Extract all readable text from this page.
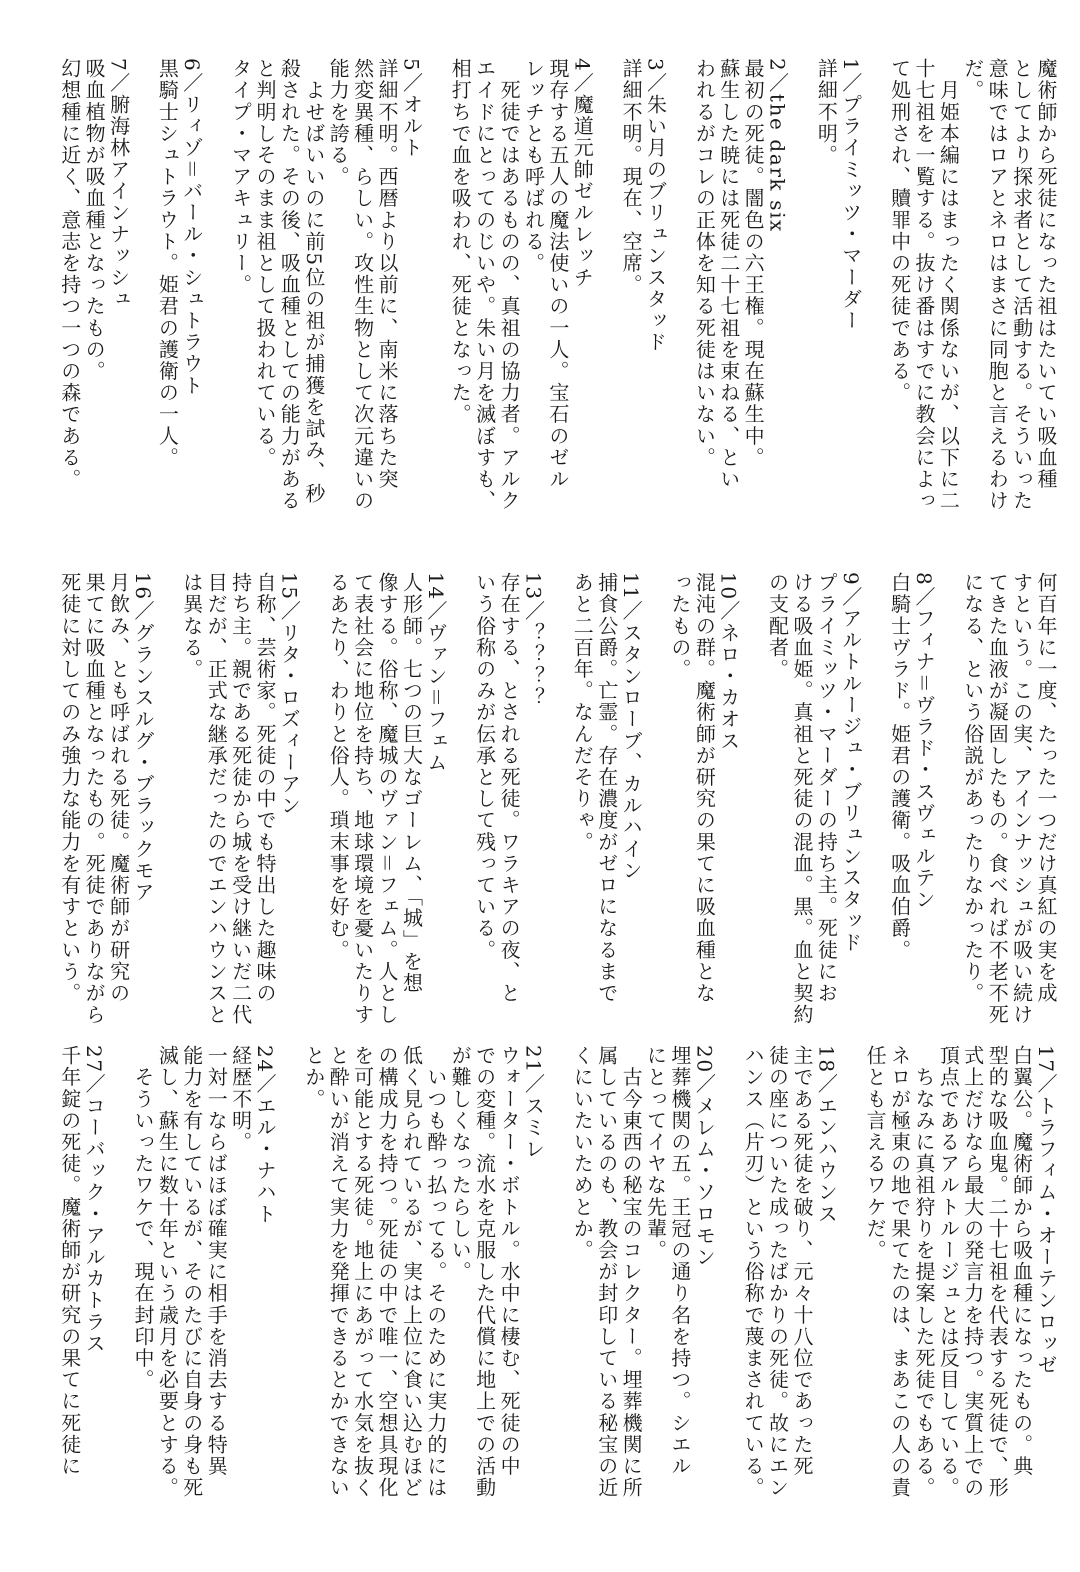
魔術師から死徒になった祖はたいてい吸血種
としてより探求者として活動する。そういった
意味ではロアとネロはまさに同胞と言えるわけ
だ。
　月姫本編にはまったく関係ないが、以下に二
十七祖を一覧する。抜け番はすでに教会によっ
て処刑され、贖罪中の死徒である。
1／プライミッツ・マーダー
詳細不明。
2／the dark six
最初の死徒。闇色の六王権。現在蘇生中。
蘇生した暁には死徒二十七祖を束ねる、とい
われるがコレの正体を知る死徒はいない。
3／朱い月のブリュンスタッド
詳細不明。現在、空席。
4／魔道元帥ゼルレッチ
現存する五人の魔法使いの一人。宝石のゼル
レッチとも呼ばれる。
　死徒ではあるものの、真祖の協力者。アルク
エイドにとってのじいや。朱い月を滅ぼすも、
相打ちで血を吸われ、死徒となった。
5／オルト
詳細不明。西暦より以前に、南米に落ちた突
然変異種、らしい。攻性生物として次元違いの
能力を誇る。
　よせばいいのに前5位の祖が捕獲を試み、秒
殺された。その後、吸血種としての能力がある
と判明しそのまま祖として扱われている。
タイプ・マアキュリー。
6／リィゾ＝バール・シュトラウト
黒騎士シュトラウト。姫君の護衛の一人。
7／腑海林アインナッシュ
吸血植物が吸血種となったもの。
幻想種に近く、意志を持つ一つの森である。
何百年に一度、たった一つだけ真紅の実を成
すという。この実、アインナッシュが吸い続け
てきた血液が凝固したもの。食べれば不老不死
になる、という俗説があったりなかったり。
8／フィナ＝ヴラド・スヴェルテン
白騎士ヴラド。姫君の護衛。吸血伯爵。
9／アルトルージュ・ブリュンスタッド
プライミッツ・マーダーの持ち主。死徒にお
ける吸血姫。真祖と死徒の混血。黒。血と契約
の支配者。
10／ネロ・カオス
混沌の群。魔術師が研究の果てに吸血種とな
ったもの。
11／スタンローブ、カルハイン
捕食公爵。亡霊。存在濃度がゼロになるまで
あと二百年。なんだそりゃ。
13／？？？？
存在する、とされる死徒。ワラキアの夜、と
いう俗称のみが伝承として残っている。
14／ヴァン＝フェム
人形師。七つの巨大なゴーレム、「城」を想
像する。俗称、魔城のヴァン＝フェム。人とし
て表社会に地位を持ち、地球環境を憂いたりす
るあたり、わりと俗人。瑣末事を好む。
15／リタ・ロズィーアン
自称、芸術家。死徒の中でも特出した趣味の
持ち主。親である死徒から城を受け継いだ二代
目だが、正式な継承だったのでエンハウンスと
は異なる。
16／グランスルグ・ブラックモア
月飲み、とも呼ばれる死徒。魔術師が研究の
果てに吸血種となったもの。死徒でありながら
死徒に対してのみ強力な能力を有すという。
17／トラフィム・オーテンロッゼ
白翼公。魔術師から吸血種になったもの。典
型的な吸血鬼。二十七祖を代表する死徒で、形
式上だけなら最大の発言力を持つ。実質上での
頂点であるアルトルージュとは反目している。
　ちなみに真祖狩りを提案した死徒でもある。
ネロが極東の地で果てたのは、まあこの人の責
任とも言えるワケだ。
18／エンハウンス
主である死徒を破り、元々十八位であった死
徒の座についた成ったばかりの死徒。故にエン
ハンス（片刃）という俗称で蔑まされている。
20／メレム・ソロモン
埋葬機関の五。王冠の通り名を持つ。シエル
にとってイヤな先輩。
　古今東西の秘宝のコレクター。埋葬機関に所
属しているのも、教会が封印している秘宝の近
くにいたいためとか。
21／スミレ
ウォーター・ボトル。水中に棲む、死徒の中
での変種。流水を克服した代償に地上での活動
が難しくなったらしい。
　いつも酔っ払ってる。そのために実力的には
低く見られているが、実は上位に食い込むほど
の構成力を持つ。死徒の中で唯一、空想具現化
を可能とする死徒。地上にあがって水気を抜く
と酔いが消えて実力を発揮できるとかできない
とか。
24／エル・ナハト
経歴不明。
一対一ならばほぼ確実に相手を消去する特異
能力を有しているが、そのたびに自身の身も死
滅し、蘇生に数十年という歳月を必要とする。
　そういったワケで、現在封印中。
27／コーバック・アルカトラス
千年錠の死徒。魔術師が研究の果てに死徒に
